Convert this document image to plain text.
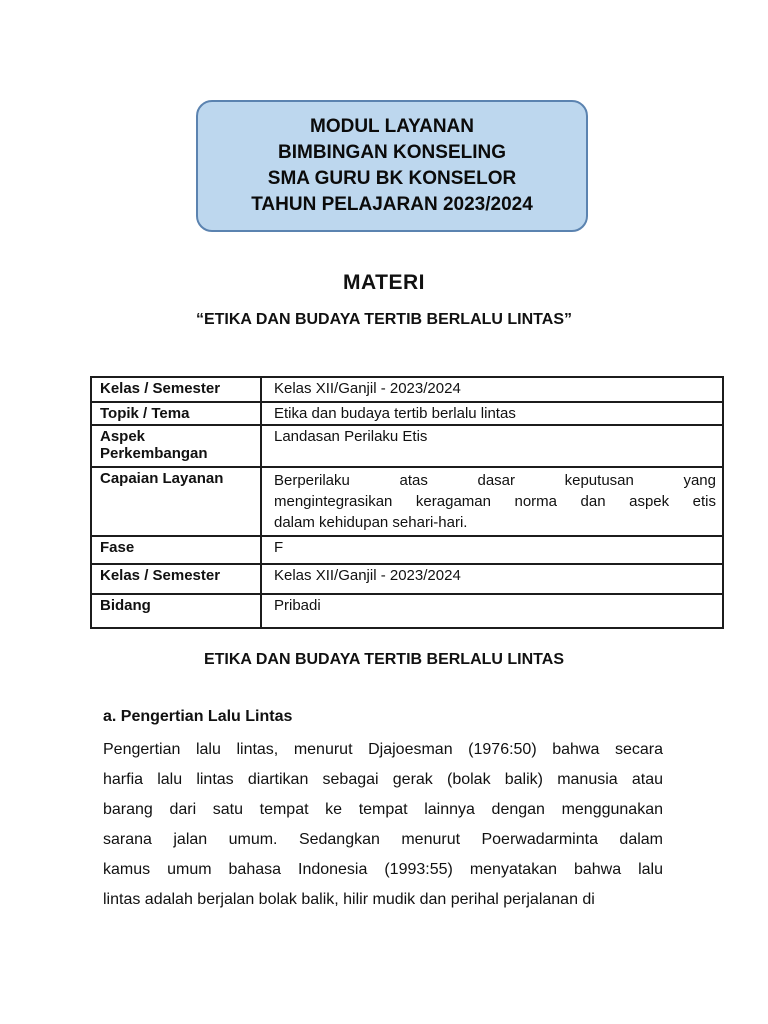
MODUL LAYANAN
BIMBINGAN KONSELING
SMA GURU BK KONSELOR
TAHUN PELAJARAN 2023/2024
MATERI
“ETIKA DAN BUDAYA TERTIB BERLALU LINTAS”
Kelas / Semester	Kelas XII/Ganjil - 2023/2024
Topik / Tema	Etika dan budaya tertib berlalu lintas
Aspek Perkembangan	Landasan Perilaku Etis
Capaian Layanan	Berperilaku atas dasar keputusan yang
mengintegrasikan keragaman norma dan aspek etis
dalam kehidupan sehari-hari.

Fase	F
Kelas / Semester	Kelas XII/Ganjil - 2023/2024
Bidang	Pribadi
ETIKA DAN BUDAYA TERTIB BERLALU LINTAS
a. Pengertian Lalu Lintas
Pengertian lalu lintas, menurut Djajoesman (1976:50) bahwa secara
harfia lalu lintas diartikan sebagai gerak (bolak balik) manusia atau
barang dari satu tempat ke tempat lainnya dengan menggunakan
sarana jalan umum. Sedangkan menurut Poerwadarminta dalam
kamus umum bahasa Indonesia (1993:55) menyatakan bahwa lalu
lintas adalah berjalan bolak balik, hilir mudik dan perihal perjalanan di
